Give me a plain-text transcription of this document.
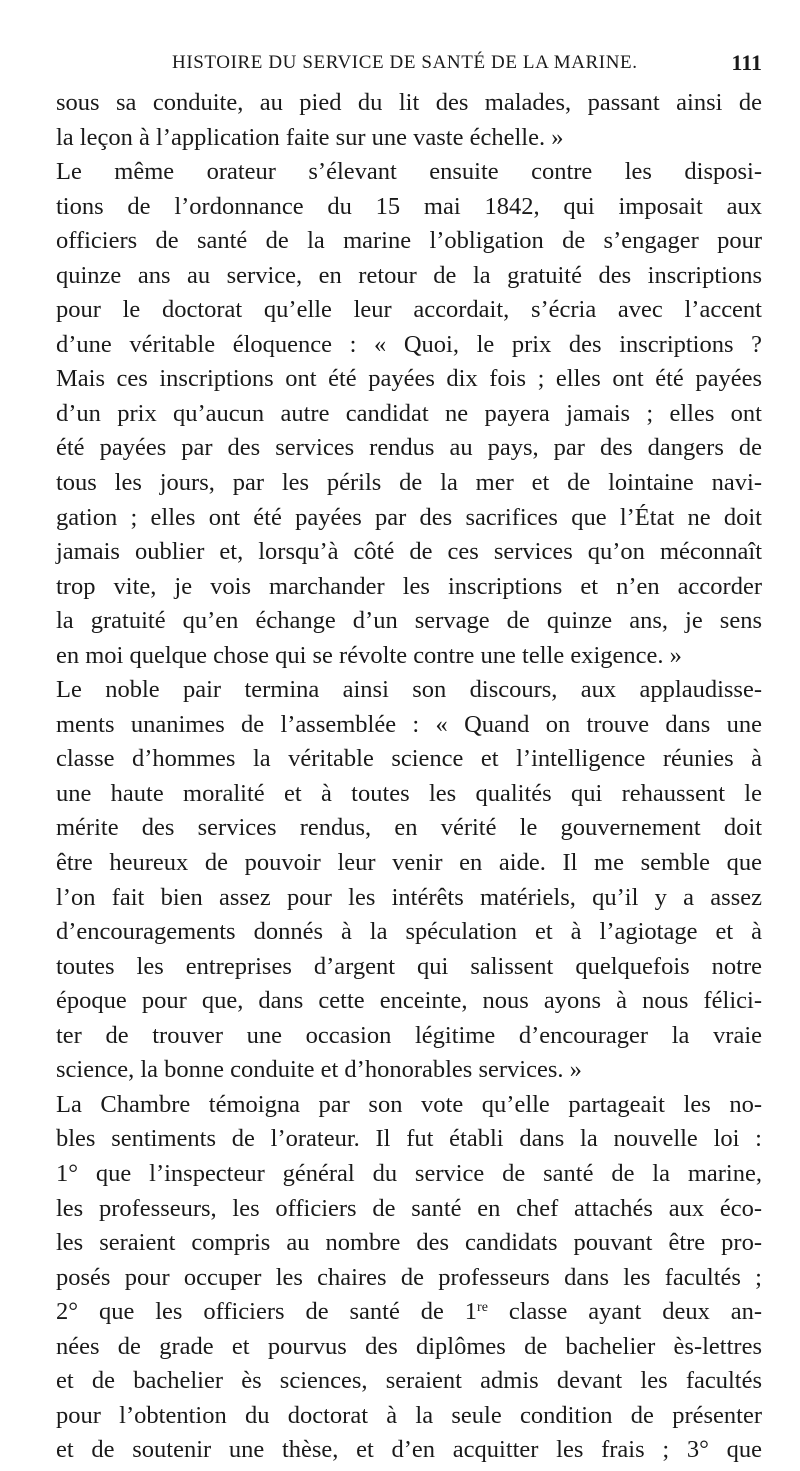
HISTOIRE DU SERVICE DE SANTÉ DE LA MARINE.	111
sous sa conduite, au pied du lit des malades, passant ainsi de
la leçon à l’application faite sur une vaste échelle. »
Le même orateur s’élevant ensuite contre les disposi-
tions de l’ordonnance du 15 mai 1842, qui imposait aux
officiers de santé de la marine l’obligation de s’engager pour
quinze ans au service, en retour de la gratuité des inscriptions
pour le doctorat qu’elle leur accordait, s’écria avec l’accent
d’une véritable éloquence : « Quoi, le prix des inscriptions ?
Mais ces inscriptions ont été payées dix fois ; elles ont été payées
d’un prix qu’aucun autre candidat ne payera jamais ; elles ont
été payées par des services rendus au pays, par des dangers de
tous les jours, par les périls de la mer et de lointaine navi-
gation ; elles ont été payées par des sacrifices que l’État ne doit
jamais oublier et, lorsqu’à côté de ces services qu’on méconnaît
trop vite, je vois marchander les inscriptions et n’en accorder
la gratuité qu’en échange d’un servage de quinze ans, je sens
en moi quelque chose qui se révolte contre une telle exigence. »
Le noble pair termina ainsi son discours, aux applaudisse-
ments unanimes de l’assemblée : « Quand on trouve dans une
classe d’hommes la véritable science et l’intelligence réunies à
une haute moralité et à toutes les qualités qui rehaussent le
mérite des services rendus, en vérité le gouvernement doit
être heureux de pouvoir leur venir en aide. Il me semble que
l’on fait bien assez pour les intérêts matériels, qu’il y a assez
d’encouragements donnés à la spéculation et à l’agiotage et à
toutes les entreprises d’argent qui salissent quelquefois notre
époque pour que, dans cette enceinte, nous ayons à nous félici-
ter de trouver une occasion légitime d’encourager la vraie
science, la bonne conduite et d’honorables services. »
La Chambre témoigna par son vote qu’elle partageait les no-
bles sentiments de l’orateur. Il fut établi dans la nouvelle loi :
1° que l’inspecteur général du service de santé de la marine,
les professeurs, les officiers de santé en chef attachés aux éco-
les seraient compris au nombre des candidats pouvant être pro-
posés pour occuper les chaires de professeurs dans les facultés ;
2° que les officiers de santé de 1re classe ayant deux an-
nées de grade et pourvus des diplômes de bachelier ès-lettres
et de bachelier ès sciences, seraient admis devant les facultés
pour l’obtention du doctorat à la seule condition de présenter
et de soutenir une thèse, et d’en acquitter les frais ; 3° que
